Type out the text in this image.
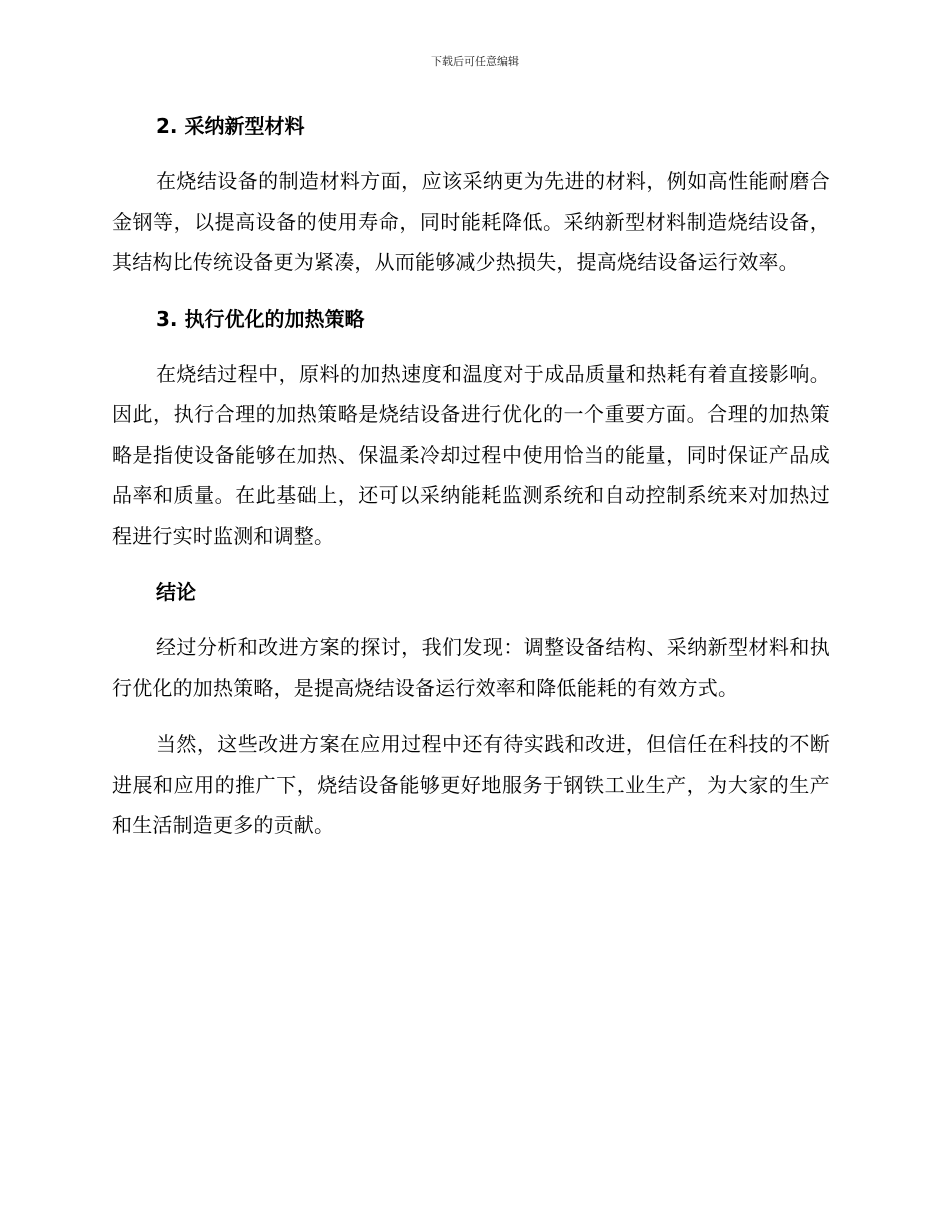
下载后可任意编辑
2. 采纳新型材料

在烧结设备的制造材料方面，应该采纳更为先进的材料，例如高性能耐磨合金钢等，以提高设备的使用寿命，同时能耗降低。采纳新型材料制造烧结设备，其结构比传统设备更为紧凑，从而能够减少热损失，提高烧结设备运行效率。

3. 执行优化的加热策略

在烧结过程中，原料的加热速度和温度对于成品质量和热耗有着直接影响。因此，执行合理的加热策略是烧结设备进行优化的一个重要方面。合理的加热策略是指使设备能够在加热、保温柔冷却过程中使用恰当的能量，同时保证产品成品率和质量。在此基础上，还可以采纳能耗监测系统和自动控制系统来对加热过程进行实时监测和调整。

结论

经过分析和改进方案的探讨，我们发现：调整设备结构、采纳新型材料和执行优化的加热策略，是提高烧结设备运行效率和降低能耗的有效方式。

当然，这些改进方案在应用过程中还有待实践和改进，但信任在科技的不断进展和应用的推广下，烧结设备能够更好地服务于钢铁工业生产，为大家的生产和生活制造更多的贡献。
